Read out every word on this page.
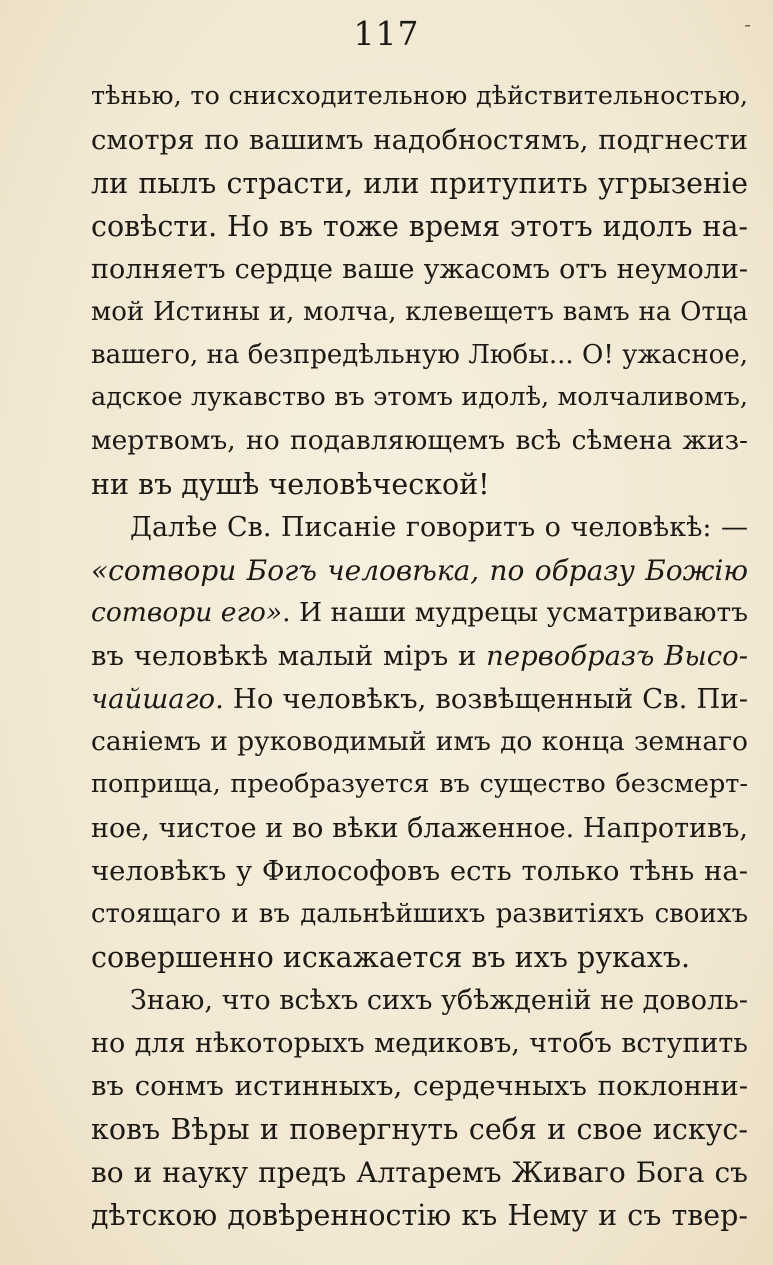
117	-
тѣнью, то снисходительною дѣйствительностью,
смотря по вашимъ надобностямъ, подгнести
ли пылъ страсти, или притупить угрызеніе
совѣсти. Но въ тоже время этотъ идолъ на-
полняетъ сердце ваше ужасомъ отъ неумоли-
мой Истины и, молча, клевещетъ вамъ на Отца
вашего, на безпредѣльную Любы... О! ужасное,
адское лукавство въ этомъ идолѣ, молчаливомъ,
мертвомъ, но подавляющемъ всѣ сѣмена жиз-
ни въ душѣ человѣческой!
Далѣе Св. Писаніе говоритъ о человѣкѣ: —
«сотвори Богъ человѣка, по образу Божію
сотвори его». И наши мудрецы усматриваютъ
въ человѣкѣ малый міръ и первобразъ Высо-
чайшаго. Но человѣкъ, возвѣщенный Св. Пи-
саніемъ и руководимый имъ до конца земнаго
поприща, преобразуется въ существо безсмерт-
ное, чистое и во вѣки блаженное. Напротивъ,
человѣкъ у Философовъ есть только тѣнь на-
стоящаго и въ дальнѣйшихъ развитіяхъ своихъ
совершенно искажается въ ихъ рукахъ.
Знаю, что всѣхъ сихъ убѣжденій не доволь-
но для нѣкоторыхъ медиковъ, чтобъ вступить
въ сонмъ истинныхъ, сердечныхъ поклонни-
ковъ Вѣры и повергнуть себя и свое искус-
во и науку предъ Алтаремъ Живаго Бога съ
дѣтскою довѣренностію къ Нему и съ твер-
